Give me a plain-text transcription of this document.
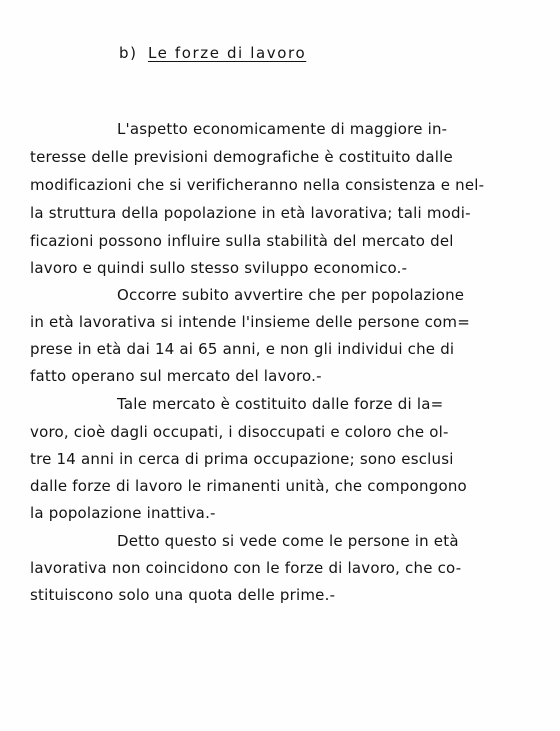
b) Le forze di lavoro
L'aspetto economicamente di maggiore in-
teresse delle previsioni demografiche è costituito dalle
modificazioni che si verificheranno nella consistenza e nel-
la struttura della popolazione in età lavorativa; tali modi-
ficazioni possono influire sulla stabilità del mercato del
lavoro e quindi sullo stesso sviluppo economico.-
Occorre subito avvertire che per popolazione
in età lavorativa si intende l'insieme delle persone com=
prese in età dai 14 ai 65 anni, e non gli individui che di
fatto operano sul mercato del lavoro.-
Tale mercato è costituito dalle forze di la=
voro, cioè dagli occupati, i disoccupati e coloro che ol-
tre 14 anni in cerca di prima occupazione; sono esclusi
dalle forze di lavoro le rimanenti unità, che compongono
la popolazione inattiva.-
Detto questo si vede come le persone in età
lavorativa non coincidono con le forze di lavoro, che co-
stituiscono solo una quota delle prime.-
